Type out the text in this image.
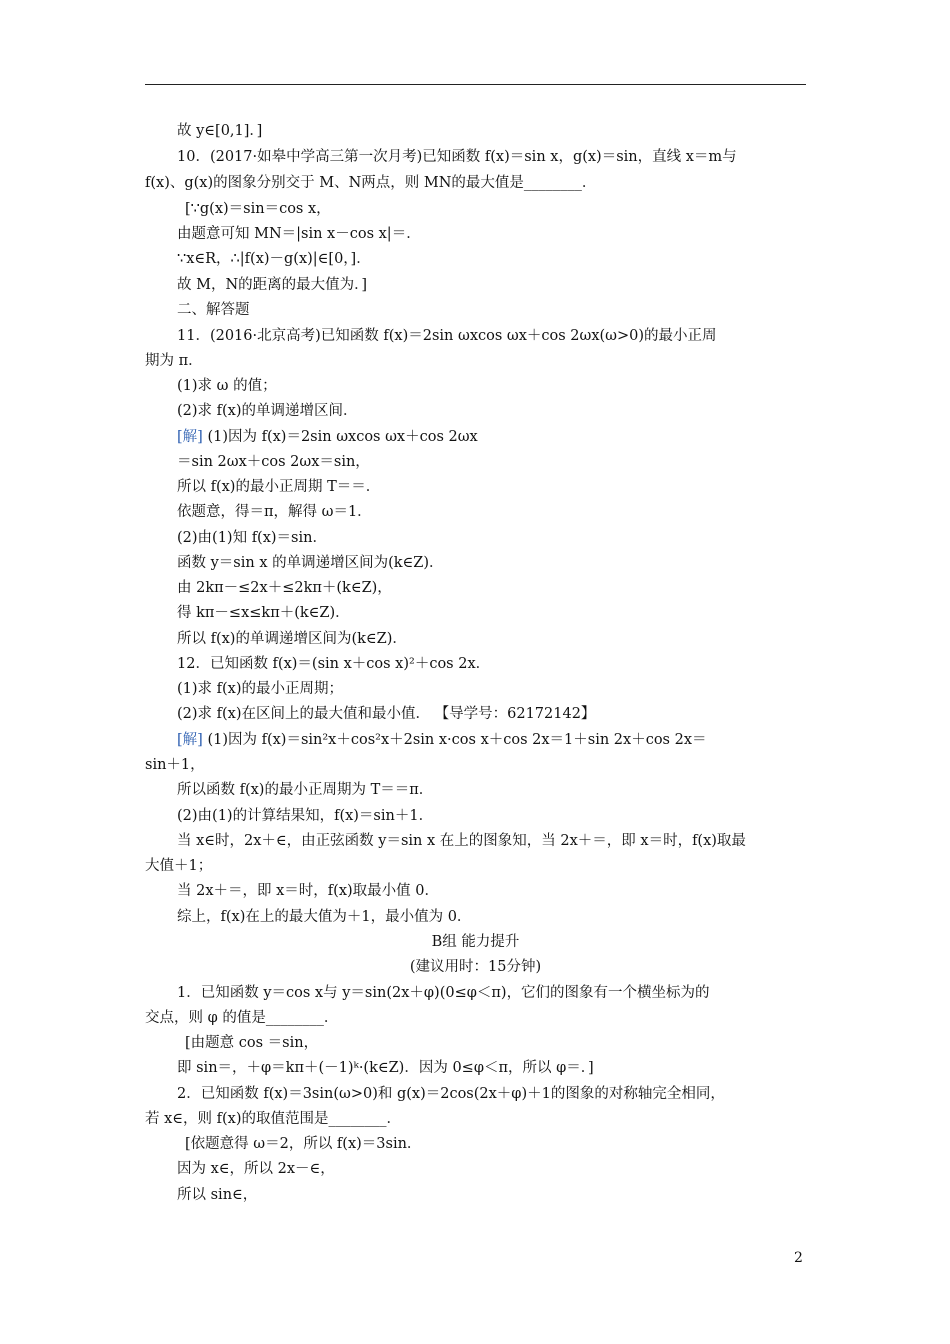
故 y∈[0,1]．]
10．(2017·如皋中学高三第一次月考)已知函数 f(x)＝sin x，g(x)＝sin，直线 x＝m与
f(x)、g(x)的图象分别交于 M、N两点，则 MN的最大值是________．
[∵g(x)＝sin＝cos x，
由题意可知 MN＝|sin x－cos x|＝．
∵x∈R，∴|f(x)－g(x)|∈[0，]．
故 M，N的距离的最大值为．]
二、解答题
11．(2016·北京高考)已知函数 f(x)＝2sin ωxcos ωx＋cos 2ωx(ω>0)的最小正周
期为 π．
(1)求 ω 的值；
(2)求 f(x)的单调递增区间．
[解] (1)因为 f(x)＝2sin ωxcos ωx＋cos 2ωx
＝sin 2ωx＋cos 2ωx＝sin，
所以 f(x)的最小正周期 T＝＝．
依题意，得＝π，解得 ω＝1．
(2)由(1)知 f(x)＝sin．
函数 y＝sin x 的单调递增区间为(k∈Z)．
由 2kπ－≤2x＋≤2kπ＋(k∈Z)，
得 kπ－≤x≤kπ＋(k∈Z)．
所以 f(x)的单调递增区间为(k∈Z)．
12．已知函数 f(x)＝(sin x＋cos x)²＋cos 2x．
(1)求 f(x)的最小正周期；
(2)求 f(x)在区间上的最大值和最小值． 【导学号：62172142】
[解] (1)因为 f(x)＝sin²x＋cos²x＋2sin x·cos x＋cos 2x＝1＋sin 2x＋cos 2x＝
sin＋1，
所以函数 f(x)的最小正周期为 T＝＝π．
(2)由(1)的计算结果知，f(x)＝sin＋1．
当 x∈时，2x＋∈，由正弦函数 y＝sin x 在上的图象知，当 2x＋＝，即 x＝时，f(x)取最
大值＋1；
当 2x＋＝，即 x＝时，f(x)取最小值 0．
综上，f(x)在上的最大值为＋1，最小值为 0．
B组 能力提升
(建议用时：15分钟)
1．已知函数 y＝cos x与 y＝sin(2x＋φ)(0≤φ＜π)，它们的图象有一个横坐标为的
交点，则 φ 的值是________．
[由题意 cos ＝sin，
即 sin＝，＋φ＝kπ＋(－1)ᵏ·(k∈Z)．因为 0≤φ＜π，所以 φ＝．]
2．已知函数 f(x)＝3sin(ω>0)和 g(x)＝2cos(2x＋φ)＋1的图象的对称轴完全相同，
若 x∈，则 f(x)的取值范围是________．
[依题意得 ω＝2，所以 f(x)＝3sin．
因为 x∈，所以 2x－∈，
所以 sin∈，
2
